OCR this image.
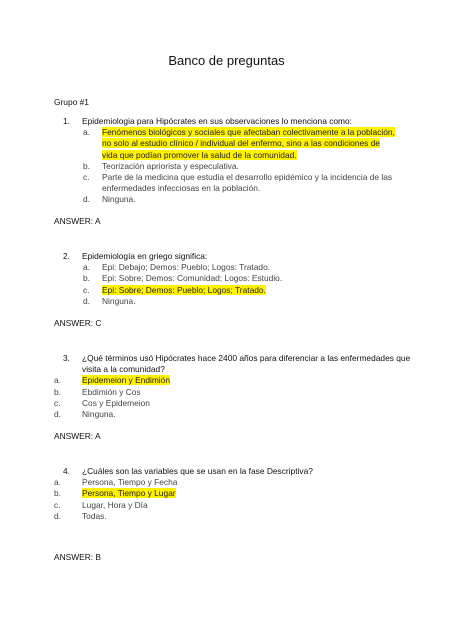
Banco de preguntas
Grupo #1
1.	Epidemiologia para Hipócrates en sus observaciones lo menciona como:
a.	Fenómenos biológicos y sociales que afectaban colectivamente a la población,
no solo al estudio clínico / individual del enfermo, sino a las condiciones de
vida que podían promover la salud de la comunidad.
b.	Teorización apriorista y especulativa.
c.	Parte de la medicina que estudia el desarrollo epidémico y la incidencia de las
enfermedades infecciosas en la población.
d.	Ninguna.
ANSWER: A
2.	Epidemiología en griego significa:
a.	Epi: Debajo; Demos: Pueblo; Logos: Tratado.
b.	Epi: Sobre; Demos: Comunidad; Logos: Estudio.
c.	Epi: Sobre; Demos: Pueblo; Logos; Tratado.
d.	Ninguna.
ANSWER: C
3.	¿Qué términos usó Hipócrates hace 2400 años para diferenciar a las enfermedades que
visita a la comunidad?
a.	Epidemeion y Endimión
b.	Ebdimión y Cos
c.	Cos y Epidemeion
d.	Ninguna.
ANSWER: A
4.	¿Cuáles son las variables que se usan en la fase Descriptiva?
a.	Persona, Tiempo y Fecha
b.	Persona, Tiempo y Lugar
c.	Lugar, Hora y Día
d.	Todas.
ANSWER: B
